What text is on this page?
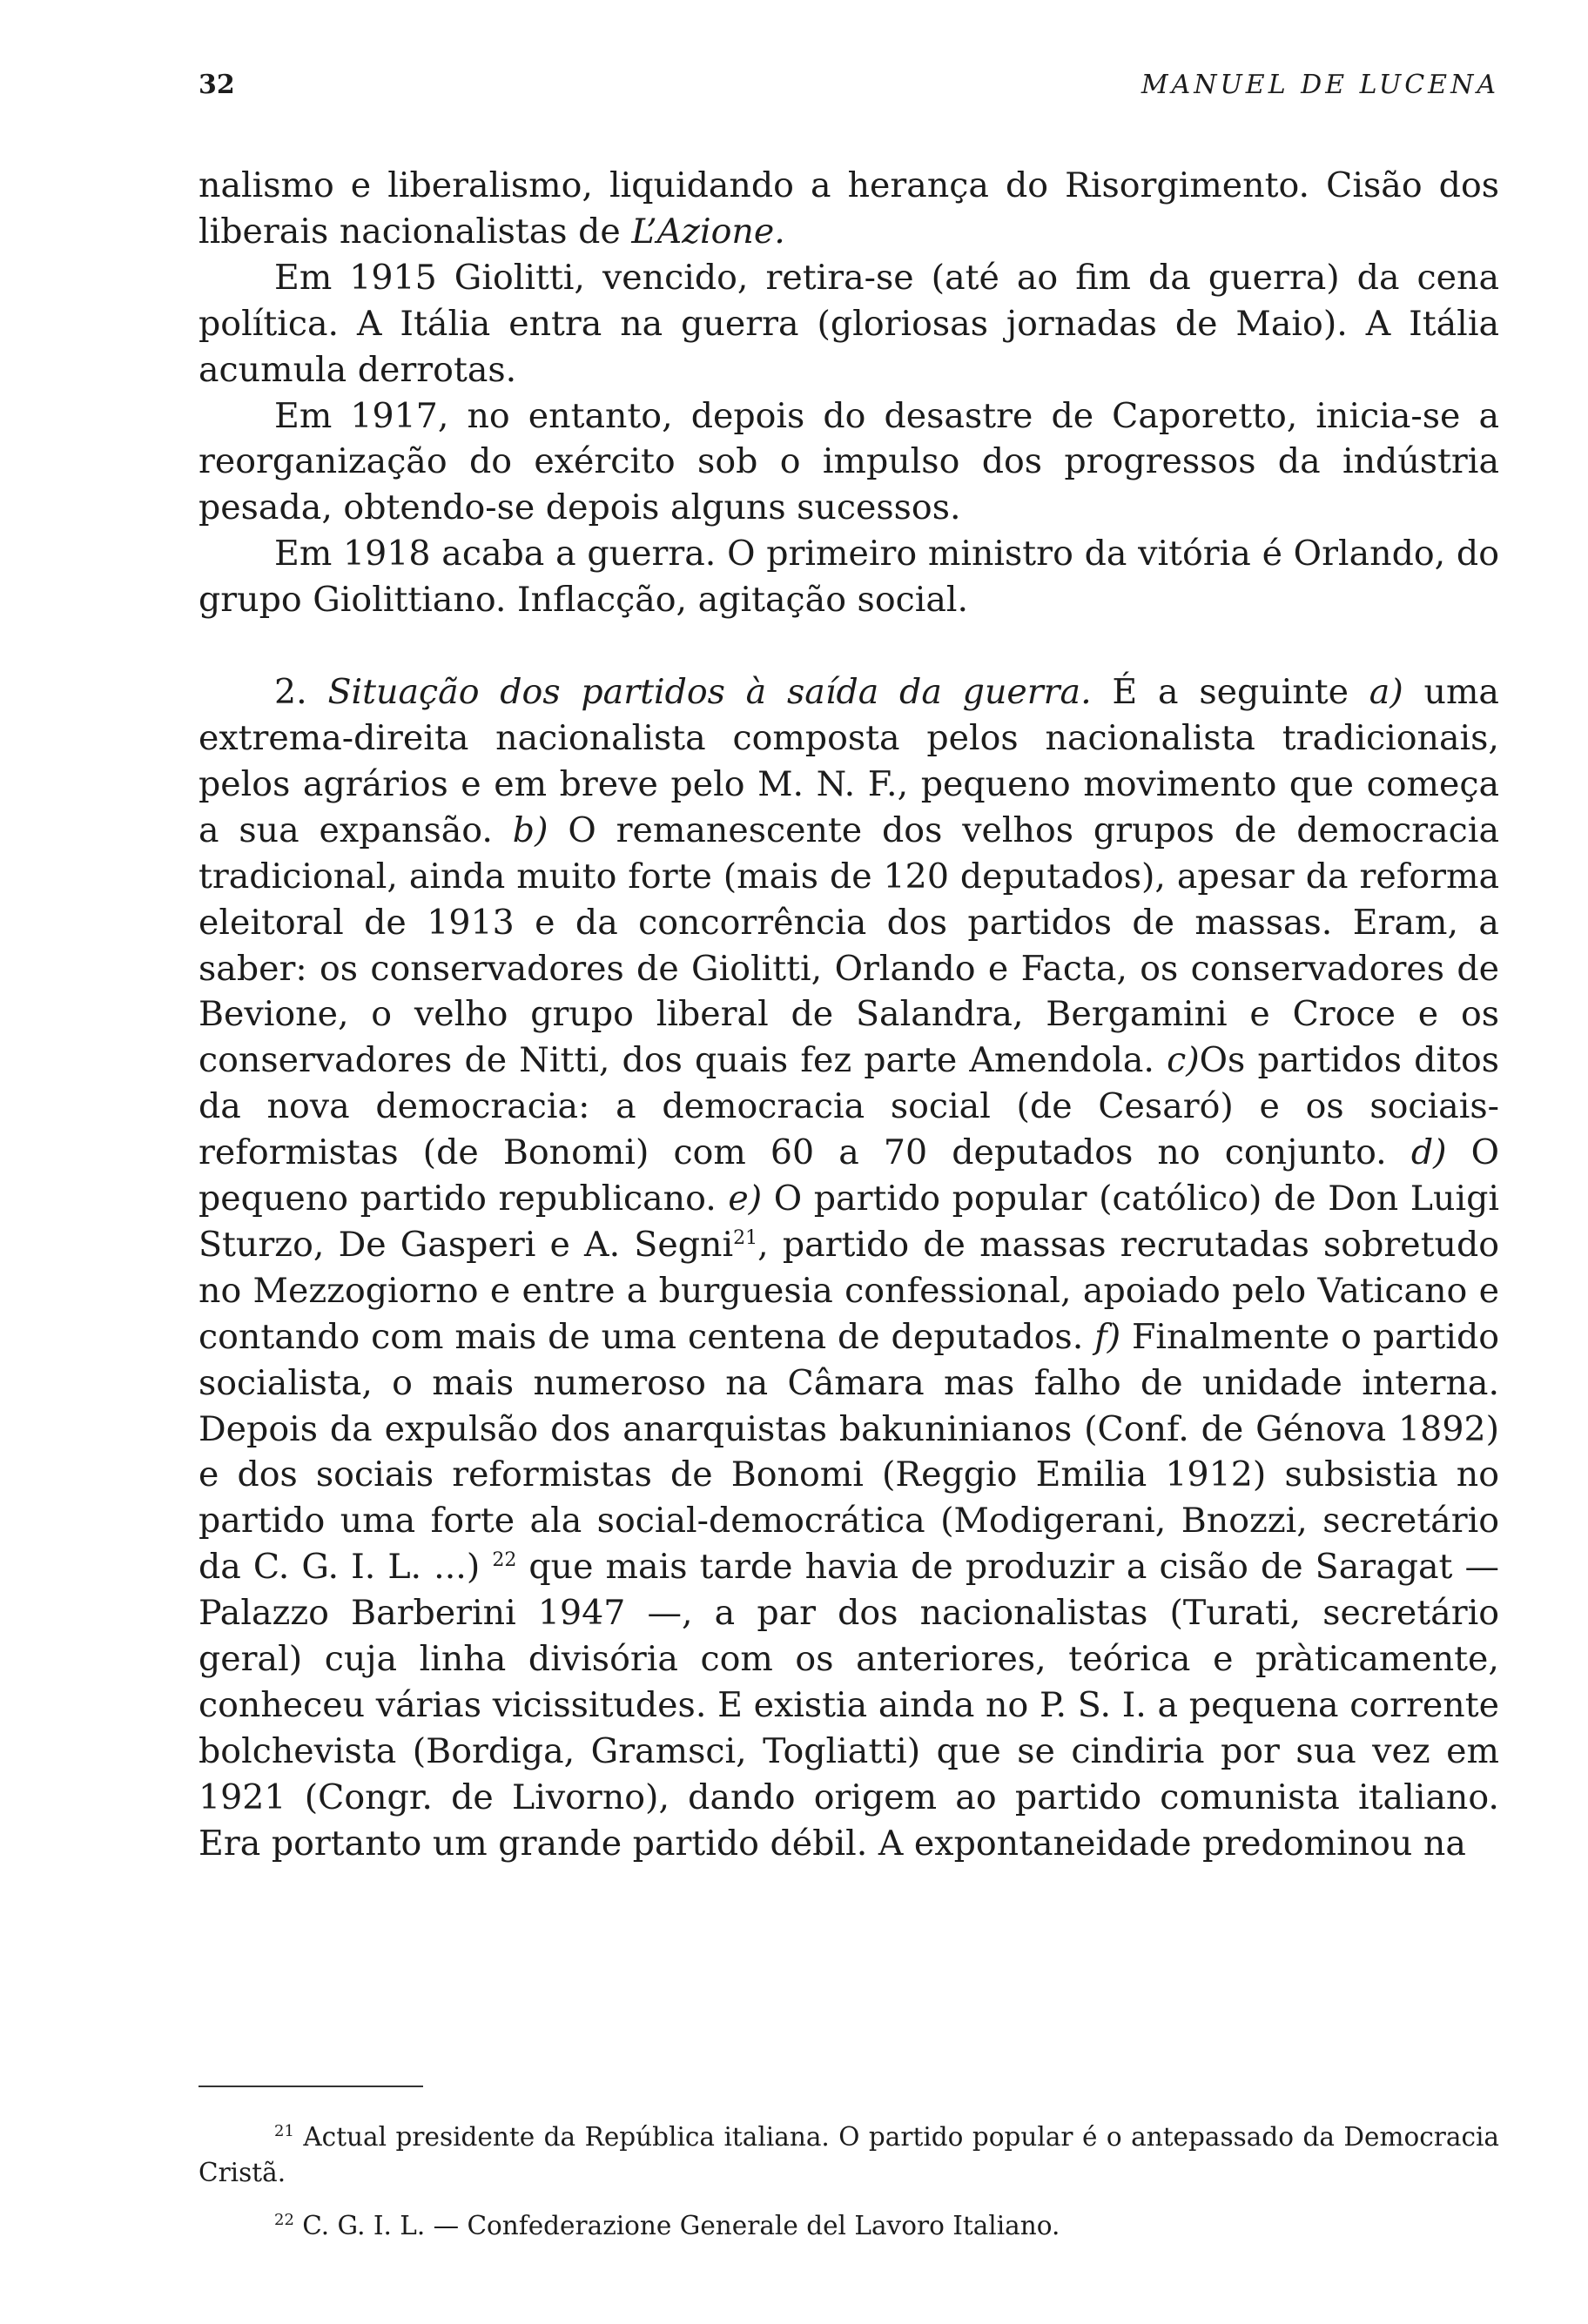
32	MANUEL DE LUCENA

nalismo e liberalismo, liquidando a herança do Risorgimento. Cisão dos liberais nacionalistas de L’Azione.

Em 1915 Giolitti, vencido, retira-se (até ao fim da guerra) da cena política. A Itália entra na guerra (gloriosas jornadas de Maio). A Itália acumula derrotas.

Em 1917, no entanto, depois do desastre de Caporetto, inicia-se a reorganização do exército sob o impulso dos progressos da indústria pesada, obtendo-se depois alguns sucessos.

Em 1918 acaba a guerra. O primeiro ministro da vitória é Orlando, do grupo Giolittiano. Inflacção, agitação social.

2. Situação dos partidos à saída da guerra. É a seguinte a) uma extrema-direita nacionalista composta pelos nacionalista tradicionais, pelos agrários e em breve pelo M. N. F., pequeno movimento que começa a sua expansão. b) O remanescente dos velhos grupos de democracia tradicional, ainda muito forte (mais de 120 deputados), apesar da reforma eleitoral de 1913 e da concorrência dos partidos de massas. Eram, a saber: os conservadores de Giolitti, Orlando e Facta, os conservadores de Bevione, o velho grupo liberal de Salandra, Bergamini e Croce e os conservadores de Nitti, dos quais fez parte Amendola. c)Os partidos ditos da nova democracia: a democracia social (de Cesaró) e os sociais-reformistas (de Bonomi) com 60 a 70 deputados no conjunto. d) O pequeno partido republicano. e) O partido popular (católico) de Don Luigi Sturzo, De Gasperi e A. Segni$^{21}$, partido de massas recrutadas sobretudo no Mezzogiorno e entre a burguesia confessional, apoiado pelo Vaticano e contando com mais de uma centena de deputados. f) Finalmente o partido socialista, o mais numeroso na Câmara mas falho de unidade interna. Depois da expulsão dos anarquistas bakuninianos (Conf. de Génova 1892) e dos sociais reformistas de Bonomi (Reggio Emilia 1912) subsistia no partido uma forte ala social-democrática (Modigerani, Bnozzi, secretário da C. G. I. L. ...) $^{22}$ que mais tarde havia de produzir a cisão de Saragat — Palazzo Barberini 1947 —, a par dos nacionalistas (Turati, secretário geral) cuja linha divisória com os anteriores, teórica e pràticamente, conheceu várias vicissitudes. E existia ainda no P. S. I. a pequena corrente bolchevista (Bordiga, Gramsci, Togliatti) que se cindiria por sua vez em 1921 (Congr. de Livorno), dando origem ao partido comunista italiano. Era portanto um grande partido débil. A expontaneidade predominou na

$^{21}$ Actual presidente da República italiana. O partido popular é o antepassado da Democracia Cristã.

$^{22}$ C. G. I. L. — Confederazione Generale del Lavoro Italiano.
